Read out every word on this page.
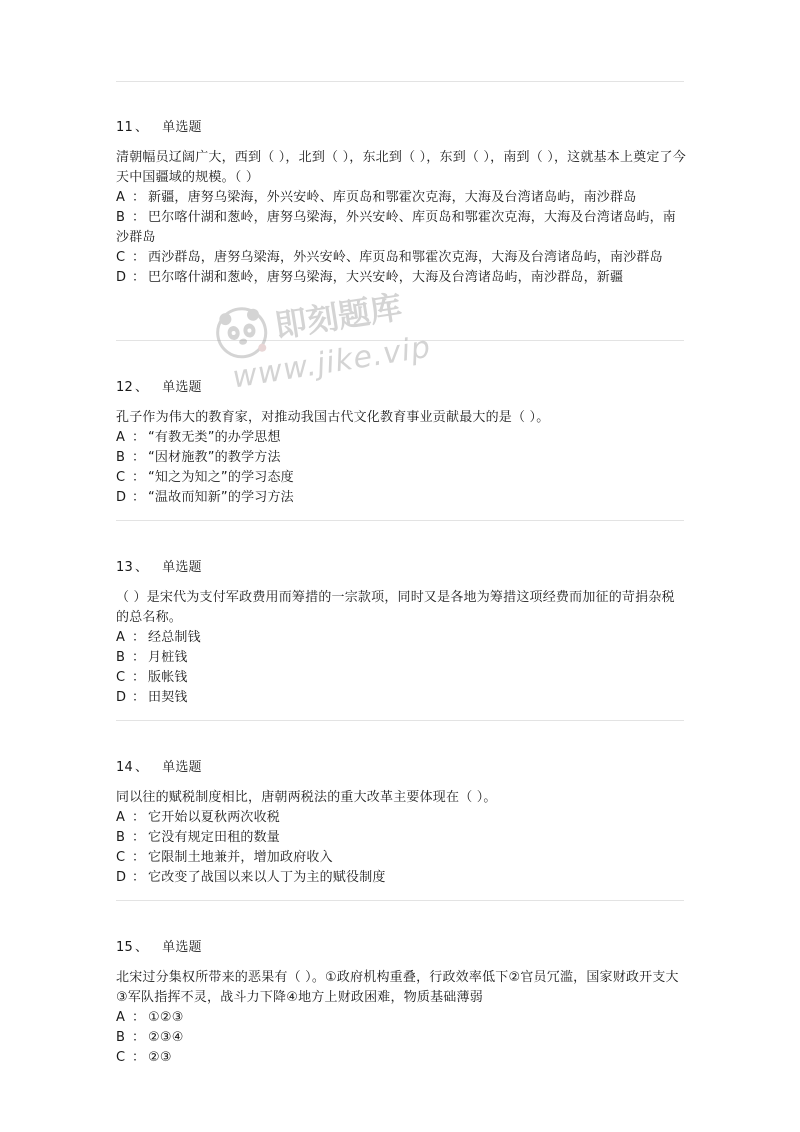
11 、 单选题

清朝幅员辽阔广大，西到（ ），北到（ ），东北到（ ），东到（ ），南到（ ），这就基本上奠定了今天中国疆域的规模。（ ）

A ： 新疆，唐努乌梁海，外兴安岭、库页岛和鄂霍次克海，大海及台湾诸岛屿，南沙群岛

B ： 巴尔喀什湖和葱岭，唐努乌梁海，外兴安岭、库页岛和鄂霍次克海，大海及台湾诸岛屿，南沙群岛

C ： 西沙群岛，唐努乌梁海，外兴安岭、库页岛和鄂霍次克海，大海及台湾诸岛屿，南沙群岛

D ： 巴尔喀什湖和葱岭，唐努乌梁海，大兴安岭，大海及台湾诸岛屿，南沙群岛，新疆

12 、 单选题

孔子作为伟大的教育家，对推动我国古代文化教育事业贡献最大的是（ ）。

A ： “有教无类”的办学思想

B ： “因材施教”的教学方法

C ： “知之为知之”的学习态度

D ： “温故而知新”的学习方法

13 、 单选题

（ ）是宋代为支付军政费用而筹措的一宗款项，同时又是各地为筹措这项经费而加征的苛捐杂税的总名称。

A ： 经总制钱

B ： 月桩钱

C ： 版帐钱

D ： 田契钱

14 、 单选题

同以往的赋税制度相比，唐朝两税法的重大改革主要体现在（ ）。

A ： 它开始以夏秋两次收税

B ： 它没有规定田租的数量

C ： 它限制土地兼并，增加政府收入

D ： 它改变了战国以来以人丁为主的赋役制度

15 、 单选题

北宋过分集权所带来的恶果有（ ）。①政府机构重叠，行政效率低下②官员冗滥，国家财政开支大③军队指挥不灵，战斗力下降④地方上财政困难，物质基础薄弱

A ： ①②③

B ： ②③④

C ： ②③

即刻题库
www.jike.vip
